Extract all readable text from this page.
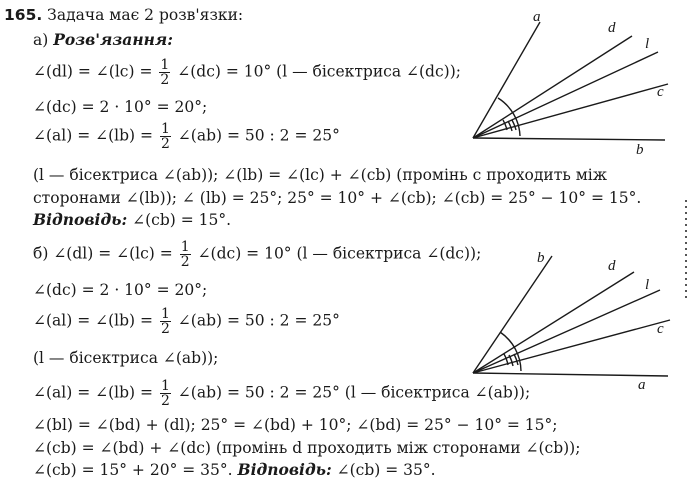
165. Задача має 2 розв'язки:
а) Розв'язання:
∠(dl) = ∠(lc) = $\frac{1}{2}$ ∠(dc) = 10° (l — бісектриса ∠(dc));
∠(dc) = 2 · 10° = 20°;
∠(al) = ∠(lb) = $\frac{1}{2}$ ∠(ab) = 50 : 2 = 25°
(l — бісектриса ∠(ab)); ∠(lb) = ∠(lc) + ∠(cb) (промінь c проходить між
сторонами ∠(lb)); ∠ (lb) = 25°; 25° = 10° + ∠(cb); ∠(cb) = 25° − 10° = 15°.
Відповідь: ∠(cb) = 15°.
б) ∠(dl) = ∠(lc) = $\frac{1}{2}$ ∠(dc) = 10° (l — бісектриса ∠(dc));
∠(dc) = 2 · 10° = 20°;
∠(al) = ∠(lb) = $\frac{1}{2}$ ∠(ab) = 50 : 2 = 25°
(l — бісектриса ∠(ab));
∠(al) = ∠(lb) = $\frac{1}{2}$ ∠(ab) = 50 : 2 = 25° (l — бісектриса ∠(ab));
∠(bl) = ∠(bd) + (dl); 25° = ∠(bd) + 10°; ∠(bd) = 25° − 10° = 15°;
∠(cb) = ∠(bd) + ∠(dc) (промінь d проходить між сторонами ∠(cb));
∠(cb) = 15° + 20° = 35°. Відповідь: ∠(cb) = 35°.
a
d
l
c
b
b	d
l
c
a
